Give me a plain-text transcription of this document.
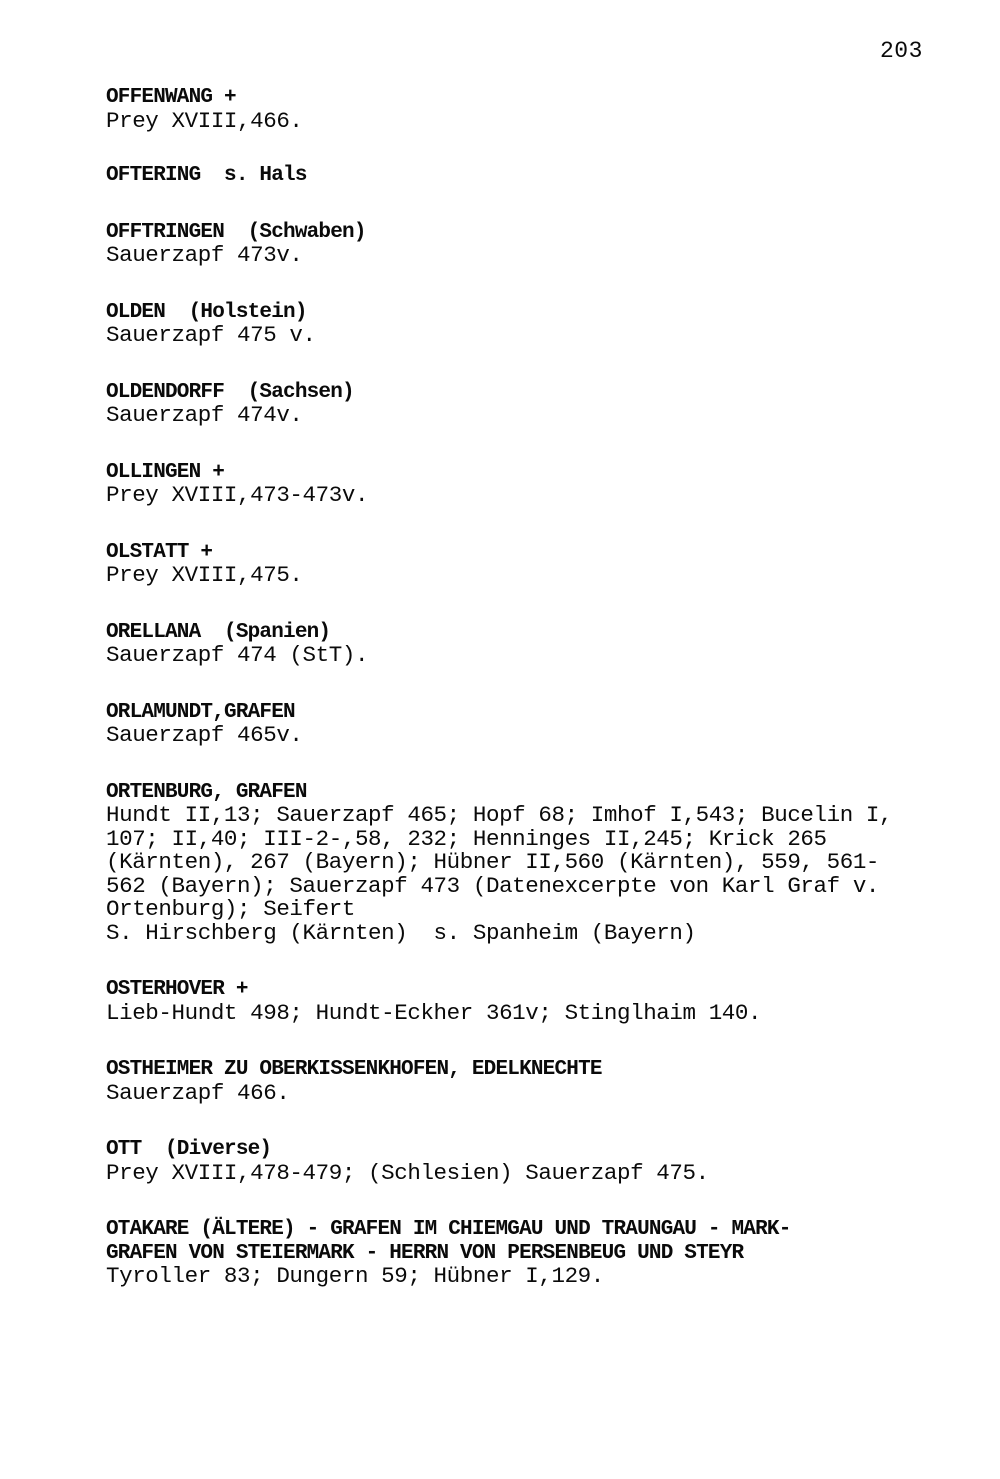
203
OFFENWANG +
Prey XVIII,466.
OFTERING  s. Hals
OFFTRINGEN  (Schwaben)
Sauerzapf 473v.
OLDEN  (Holstein)
Sauerzapf 475 v.
OLDENDORFF  (Sachsen)
Sauerzapf 474v.
OLLINGEN +
Prey XVIII,473-473v.
OLSTATT +
Prey XVIII,475.
ORELLANA  (Spanien)
Sauerzapf 474 (StT).
ORLAMUNDT,GRAFEN
Sauerzapf 465v.
ORTENBURG, GRAFEN
Hundt II,13; Sauerzapf 465; Hopf 68; Imhof I,543; Bucelin I,
107; II,40; III-2-,58, 232; Henninges II,245; Krick 265
(Kärnten), 267 (Bayern); Hübner II,560 (Kärnten), 559, 561-
562 (Bayern); Sauerzapf 473 (Datenexcerpte von Karl Graf v.
Ortenburg); Seifert
S. Hirschberg (Kärnten)  s. Spanheim (Bayern)
OSTERHOVER +
Lieb-Hundt 498; Hundt-Eckher 361v; Stinglhaim 140.
OSTHEIMER ZU OBERKISSENKHOFEN, EDELKNECHTE
Sauerzapf 466.
OTT  (Diverse)
Prey XVIII,478-479; (Schlesien) Sauerzapf 475.
OTAKARE (ÄLTERE) - GRAFEN IM CHIEMGAU UND TRAUNGAU - MARK-
GRAFEN VON STEIERMARK - HERRN VON PERSENBEUG UND STEYR
Tyroller 83; Dungern 59; Hübner I,129.
